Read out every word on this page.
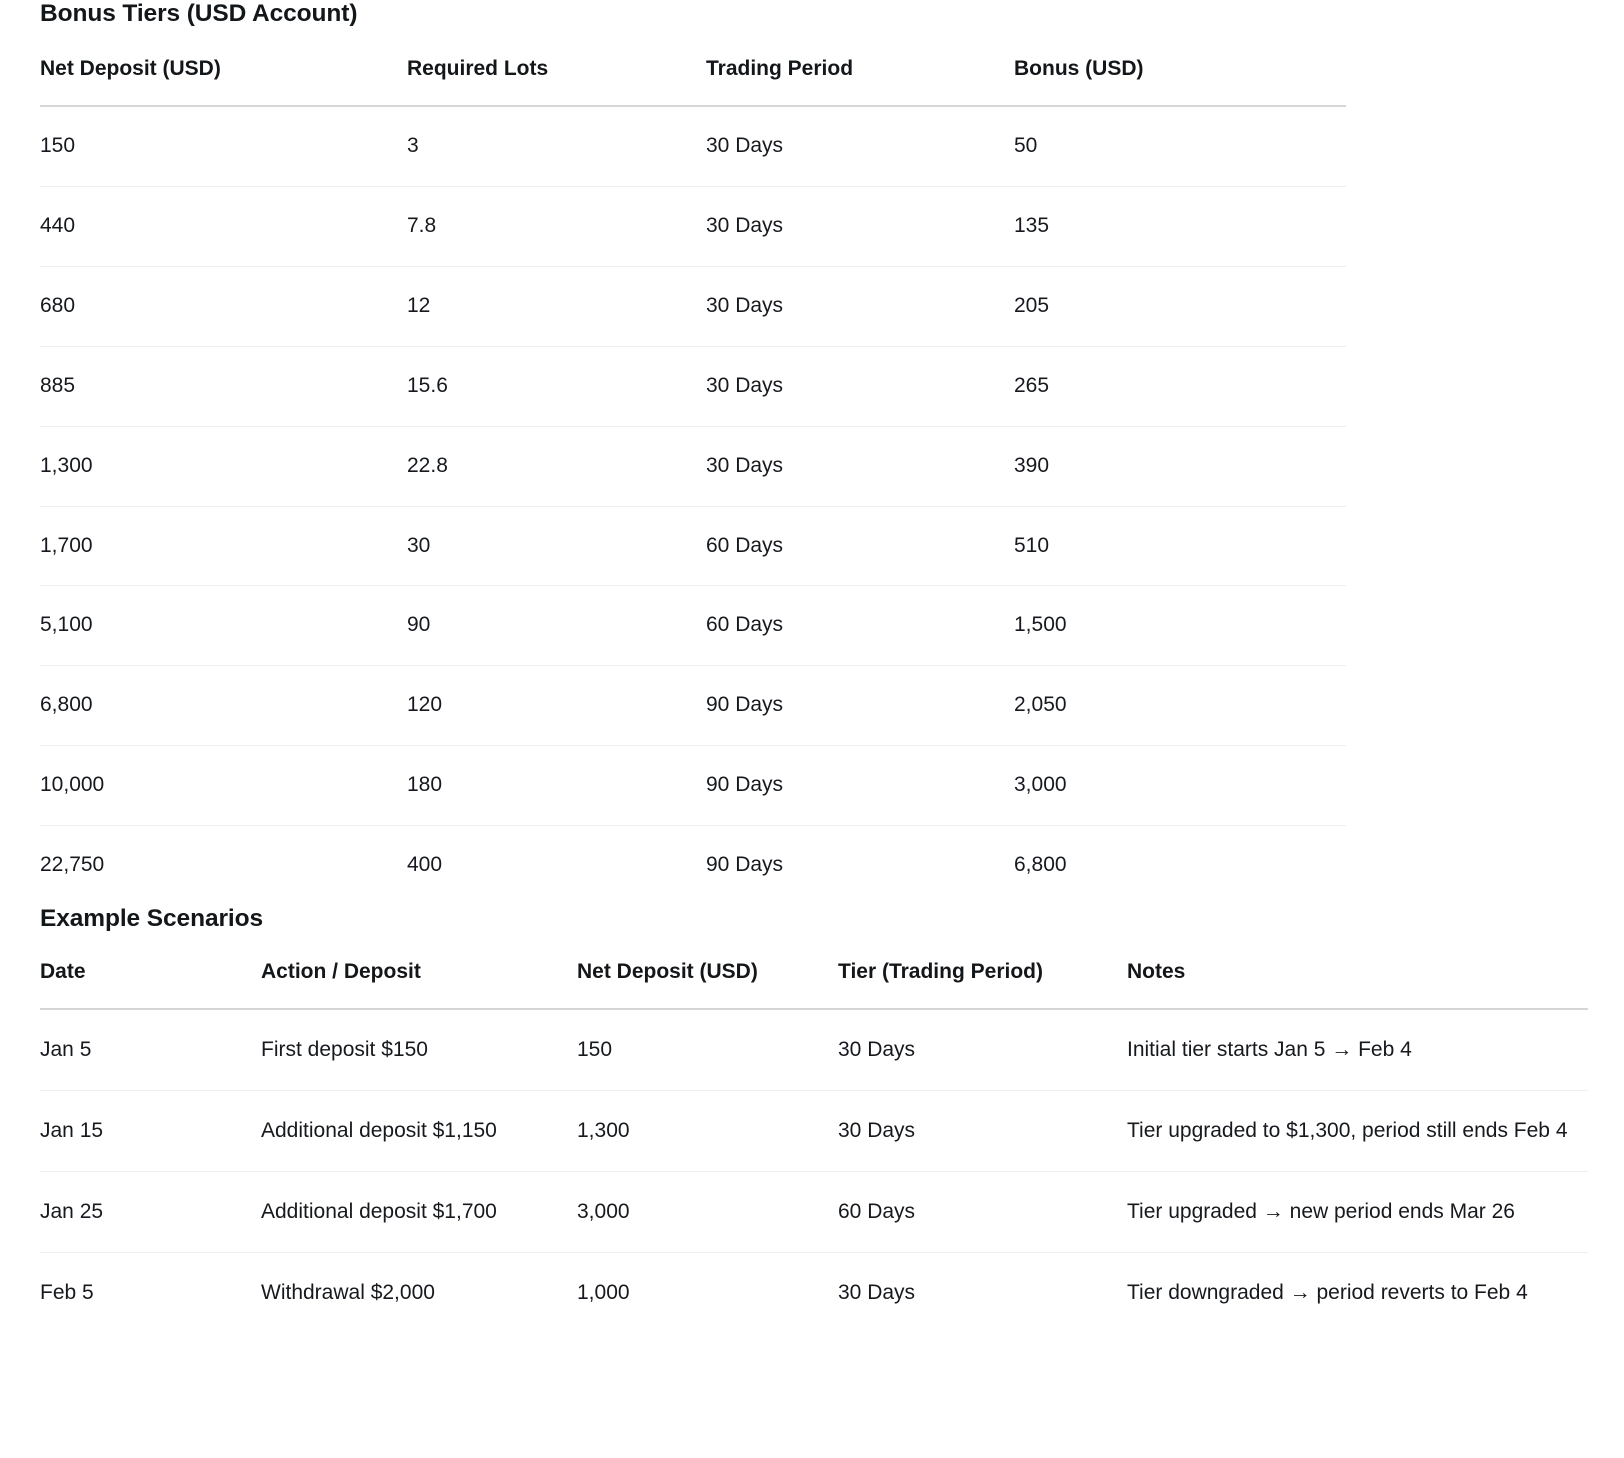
Bonus Tiers (USD Account)
Net Deposit (USD)	Required Lots	Trading Period	Bonus (USD)
150	3	30 Days	50
440	7.8	30 Days	135
680	12	30 Days	205
885	15.6	30 Days	265
1,300	22.8	30 Days	390
1,700	30	60 Days	510
5,100	90	60 Days	1,500
6,800	120	90 Days	2,050
10,000	180	90 Days	3,000
22,750	400	90 Days	6,800
Example Scenarios
Date	Action / Deposit	Net Deposit (USD)	Tier (Trading Period)	Notes
Jan 5	First deposit $150	150	30 Days	Initial tier starts Jan 5 → Feb 4
Jan 15	Additional deposit $1,150	1,300	30 Days	Tier upgraded to $1,300, period still ends Feb 4
Jan 25	Additional deposit $1,700	3,000	60 Days	Tier upgraded → new period ends Mar 26
Feb 5	Withdrawal $2,000	1,000	30 Days	Tier downgraded → period reverts to Feb 4
